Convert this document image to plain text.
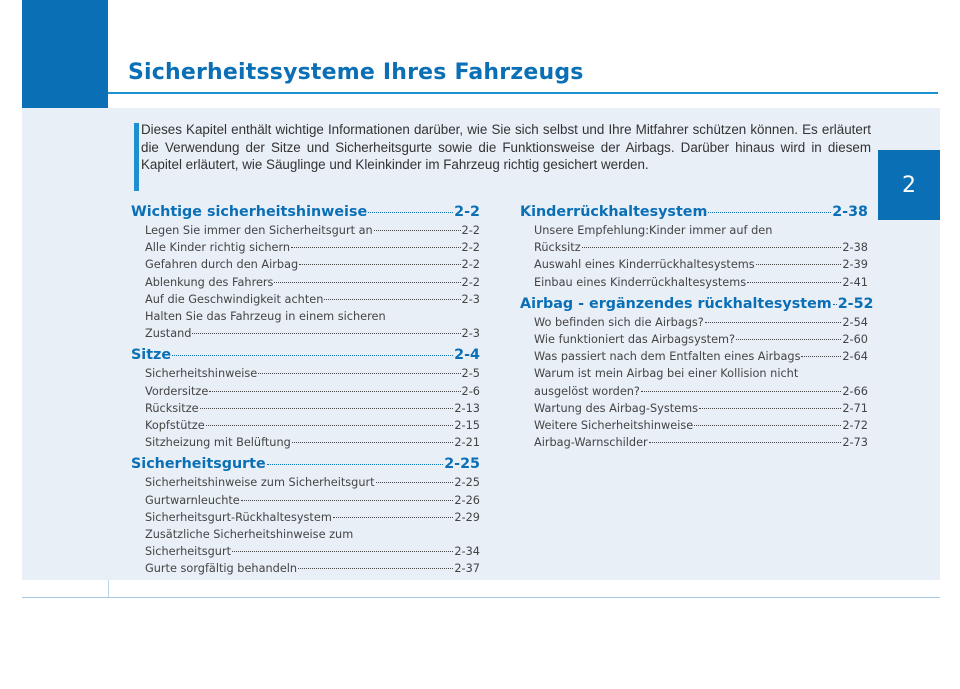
Sicherheitssysteme Ihres Fahrzeugs
2

Dieses Kapitel enthält wichtige Informationen darüber, wie Sie sich selbst und Ihre Mitfahrer schützen können. Es erläutert die Verwendung der Sitze und Sicherheitsgurte sowie die Funktionsweise der Airbags. Darüber hinaus wird in diesem Kapitel erläutert, wie Säuglinge und Kleinkinder im Fahrzeug richtig gesichert werden.

Wichtige sicherheitshinweise	2-2
Legen Sie immer den Sicherheitsgurt an	2-2
Alle Kinder richtig sichern	2-2
Gefahren durch den Airbag	2-2
Ablenkung des Fahrers	2-2
Auf die Geschwindigkeit achten	2-3
Halten Sie das Fahrzeug in einem sicheren
Zustand	2-3
Sitze	2-4
Sicherheitshinweise	2-5
Vordersitze	2-6
Rücksitze	2-13
Kopfstütze	2-15
Sitzheizung mit Belüftung	2-21
Sicherheitsgurte	2-25
Sicherheitshinweise zum Sicherheitsgurt	2-25
Gurtwarnleuchte	2-26
Sicherheitsgurt-Rückhaltesystem	2-29
Zusätzliche Sicherheitshinweise zum
Sicherheitsgurt	2-34
Gurte sorgfältig behandeln	2-37
Kinderrückhaltesystem	2-38
Unsere Empfehlung:Kinder immer auf den
Rücksitz	2-38
Auswahl eines Kinderrückhaltesystems	2-39
Einbau eines Kinderrückhaltesystems	2-41
Airbag - ergänzendes rückhaltesystem 2-52
Wo befinden sich die Airbags?	2-54
Wie funktioniert das Airbagsystem?	2-60
Was passiert nach dem Entfalten eines Airbags	2-64
Warum ist mein Airbag bei einer Kollision nicht
ausgelöst worden?	2-66
Wartung des Airbag-Systems	2-71
Weitere Sicherheitshinweise	2-72
Airbag-Warnschilder	2-73
